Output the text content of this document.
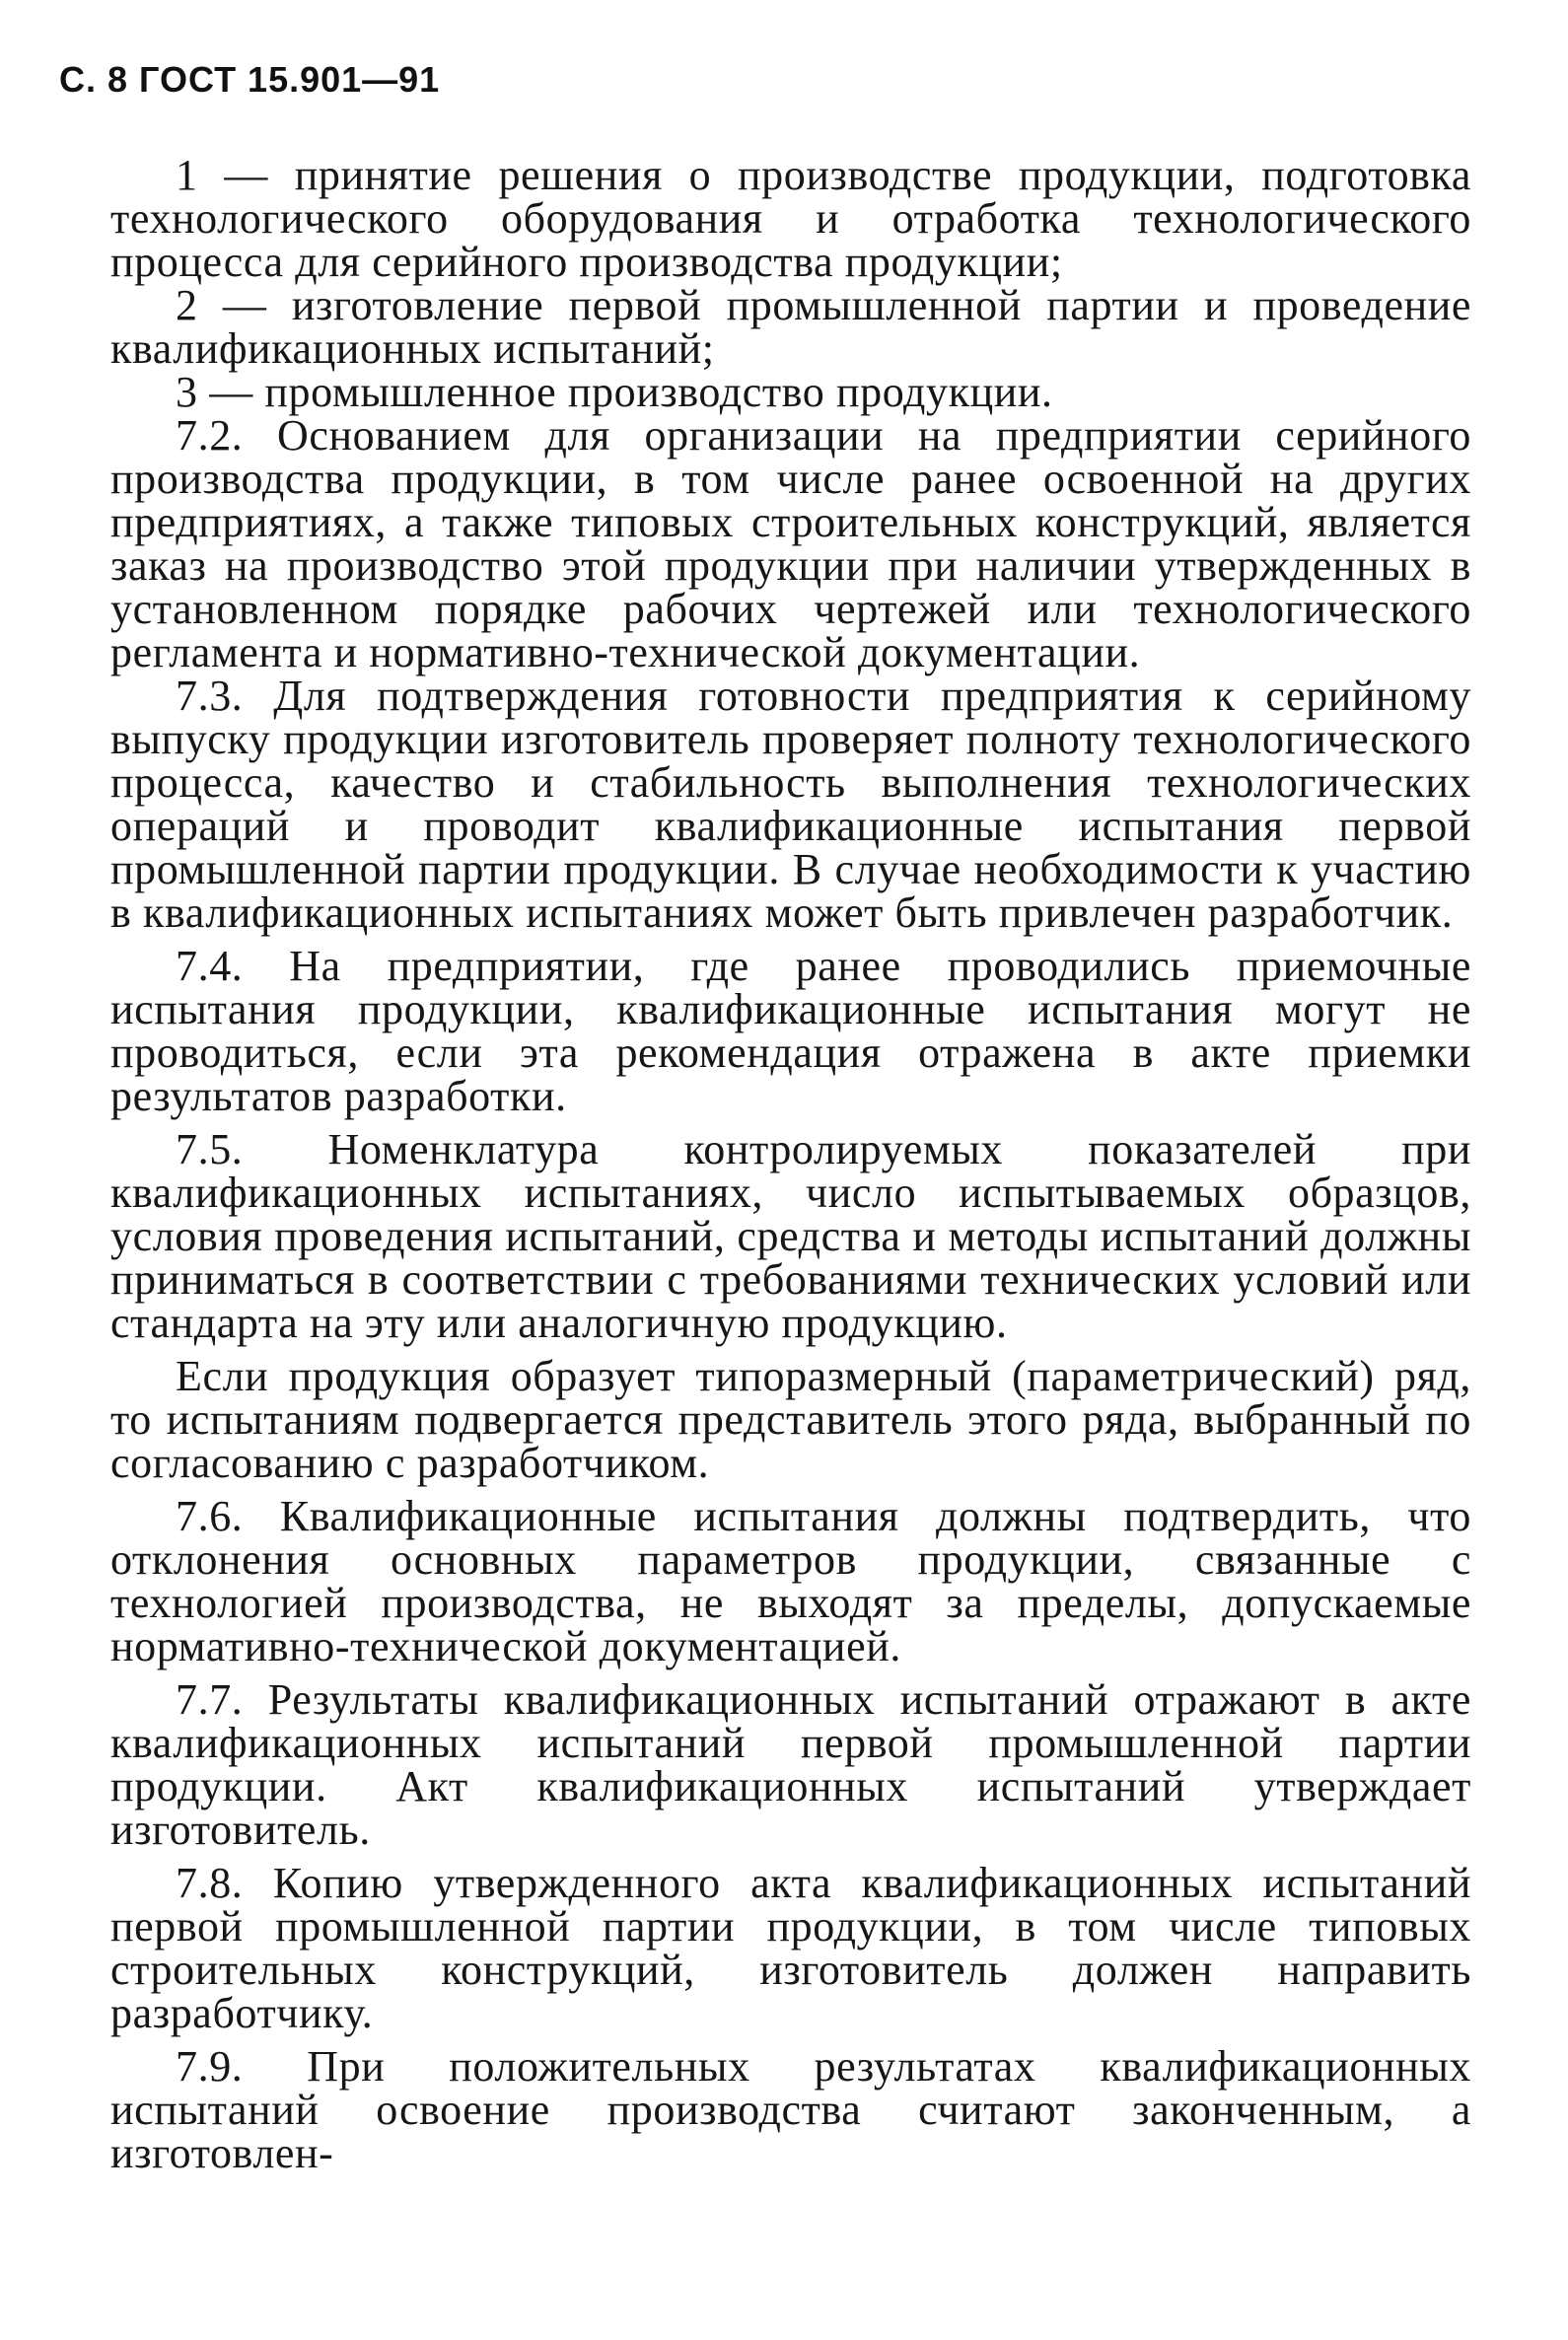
С. 8 ГОСТ 15.901—91

1 — принятие решения о производстве продукции, подготовка технологического оборудования и отработка технологического процесса для серийного производства продукции;

2 — изготовление первой промышленной партии и проведение квалификационных испытаний;

3 — промышленное производство продукции.

7.2. Основанием для организации на предприятии серийного производства продукции, в том числе ранее освоенной на других предприятиях, а также типовых строительных конструкций, является заказ на производство этой продукции при наличии утвержденных в установленном порядке рабочих чертежей или технологического регламента и нормативно-технической документации.

7.3. Для подтверждения готовности предприятия к серийному выпуску продукции изготовитель проверяет полноту технологического процесса, качество и стабильность выполнения технологических операций и проводит квалификационные испытания первой промышленной партии продукции. В случае необходимости к участию в квалификационных испытаниях может быть привлечен разработчик.

7.4. На предприятии, где ранее проводились приемочные испытания продукции, квалификационные испытания могут не проводиться, если эта рекомендация отражена в акте приемки результатов разработки.

7.5. Номенклатура контролируемых показателей при квалификационных испытаниях, число испытываемых образцов, условия проведения испытаний, средства и методы испытаний должны приниматься в соответствии с требованиями технических условий или стандарта на эту или аналогичную продукцию.

Если продукция образует типоразмерный (параметрический) ряд, то испытаниям подвергается представитель этого ряда, выбранный по согласованию с разработчиком.

7.6. Квалификационные испытания должны подтвердить, что отклонения основных параметров продукции, связанные с технологией производства, не выходят за пределы, допускаемые нормативно-технической документацией.

7.7. Результаты квалификационных испытаний отражают в акте квалификационных испытаний первой промышленной партии продукции. Акт квалификационных испытаний утверждает изготовитель.

7.8. Копию утвержденного акта квалификационных испытаний первой промышленной партии продукции, в том числе типовых строительных конструкций, изготовитель должен направить разработчику.

7.9. При положительных результатах квалификационных испытаний освоение производства считают законченным, а изготовлен-
